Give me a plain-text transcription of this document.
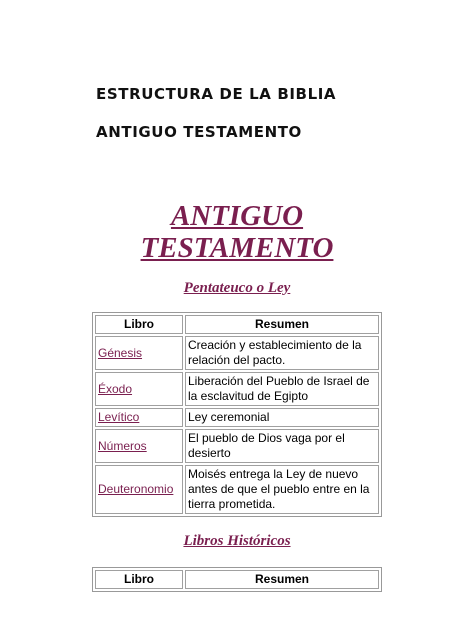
ESTRUCTURA DE LA BIBLIA
ANTIGUO TESTAMENTO
ANTIGUO
TESTAMENTO
Pentateuco o Ley
Libro	Resumen
Génesis	Creación y establecimiento de la relación del pacto.
Éxodo	Liberación del Pueblo de Israel de la esclavitud de Egipto
Levítico	Ley ceremonial
Números	El pueblo de Dios vaga por el desierto
Deuteronomio	Moisés entrega la Ley de nuevo antes de que el pueblo entre en la tierra prometida.
Libros Históricos
Libro	Resumen
